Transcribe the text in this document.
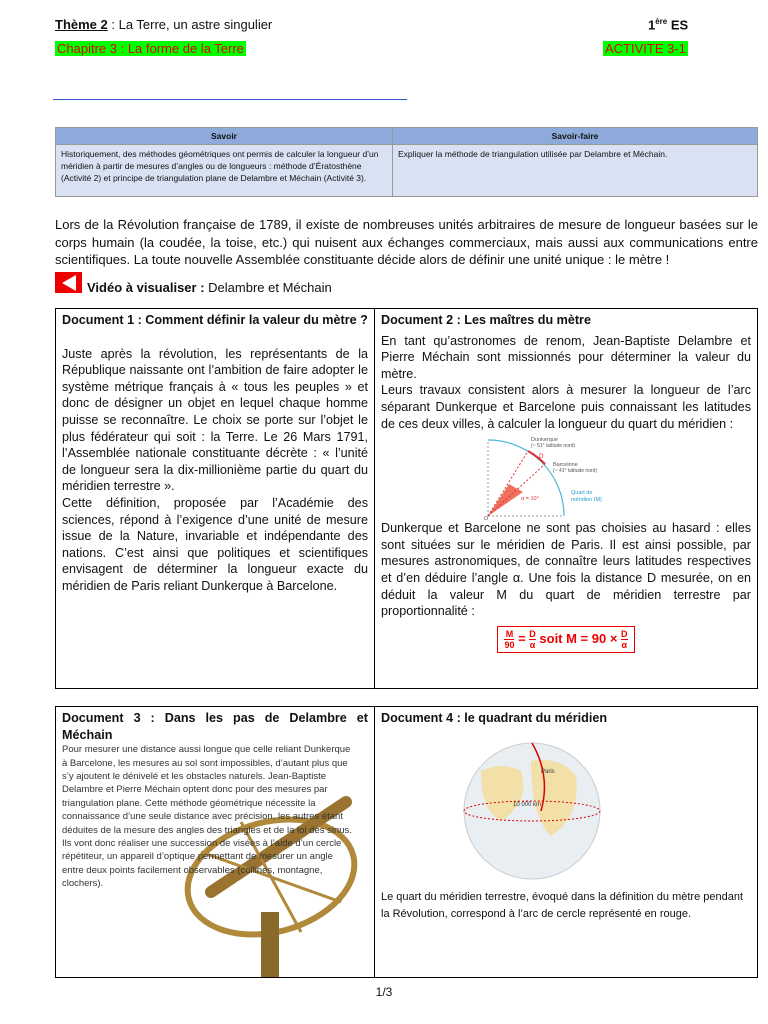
Thème 2 : La Terre, un astre singulier	1ère ES
Chapitre 3 : La forme de la Terre	ACTIVITE 3-1
Savoir	Savoir-faire
Historiquement, des méthodes géométriques ont permis de calculer la longueur d’un méridien à partir de mesures d’angles ou de longueurs : méthode d’Ératosthène (Activité 2) et principe de triangulation plane de Delambre et Méchain (Activité 3).	Expliquer la méthode de triangulation utilisée par Delambre et Méchain.
Lors de la Révolution française de 1789, il existe de nombreuses unités arbitraires de mesure de longueur basées sur le corps humain (la coudée, la toise, etc.) qui nuisent aux échanges commerciaux, mais aussi aux communications entre scientifiques. La toute nouvelle Assemblée constituante décide alors de définir une unité unique : le mètre !
Vidéo à visualiser : Delambre et Méchain
Document 1 : Comment définir la valeur du mètre ?

Juste après la révolution, les représentants de la République naissante ont l’ambition de faire adopter le système métrique français à « tous les peuples » et donc de désigner un objet en lequel chaque homme puisse se reconnaître. Le choix se porte sur l’objet le plus fédérateur qui soit : la Terre. Le 26 Mars 1791, l’Assemblée nationale constituante décrète : « l’unité de longueur sera la dix-millionième partie du quart du méridien terrestre ».

Cette définition, proposée par l’Académie des sciences, répond à l’exigence d’une unité de mesure issue de la Nature, invariable et indépendante des nations. C’est ainsi que politiques et scientifiques envisagent de déterminer la longueur exacte du méridien de Paris reliant Dunkerque à Barcelone.

Document 2 : Les maîtres du mètre

En tant qu’astronomes de renom, Jean-Baptiste Delambre et Pierre Méchain sont missionnés pour déterminer la valeur du mètre.

Leurs travaux consistent alors à mesurer la longueur de l’arc séparant Dunkerque et Barcelone puis connaissant les latitudes de ces deux villes, à calculer la longueur du quart du méridien :

Dunkerque
(~ 51° latitude nord)
D
Barcelone
(~ 41° latitude nord)
α = 10°
Quart de
méridien (M)
O

Dunkerque et Barcelone ne sont pas choisies au hasard : elles sont situées sur le méridien de Paris. Il est ainsi possible, par mesures astronomiques, de connaître leurs latitudes respectives et d’en déduire l’angle α. Une fois la distance D mesurée, on en déduit la valeur M du quart de méridien terrestre par proportionnalité :

$\frac{M}{90} = \frac{D}{\alpha}$ soit $M = 90 \times \frac{D}{\alpha}$
Document 3 : Dans les pas de Delambre et Méchain

Pour mesurer une distance aussi longue que celle reliant Dunkerque à Barcelone, les mesures au sol sont impossibles, d’autant plus que s’y ajoutent le dénivelé et les obstacles naturels. Jean-Baptiste Delambre et Pierre Méchain optent donc pour des mesures par triangulation plane. Cette méthode géométrique nécessite la connaissance d’une seule distance avec précision, les autres étant déduites de la mesure des angles des triangles et de la loi des sinus. Ils vont donc réaliser une succession de visées à l’aide d’un cercle répétiteur, un appareil d’optique permettant de mesurer un angle entre deux points facilement observables (collines, montagne, clochers).

Document 4 : le quadrant du méridien
Paris
10 000 km

Le quart du méridien terrestre, évoqué dans la définition du mètre pendant la Révolution, correspond à l’arc de cercle représenté en rouge.

1/3
